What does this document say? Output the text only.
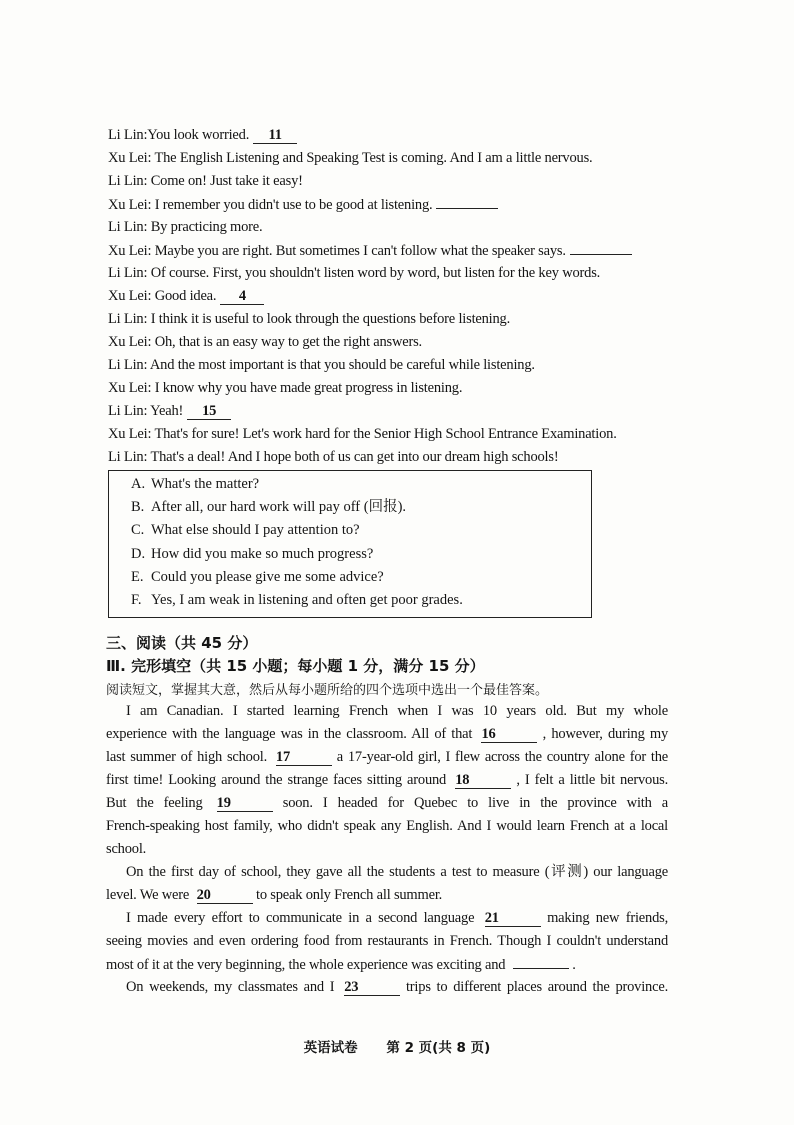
Li Lin:You look worried. 11
Xu Lei: The English Listening and Speaking Test is coming. And I am a little nervous.
Li Lin: Come on! Just take it easy!
Xu Lei: I remember you didn't use to be good at listening.
Li Lin: By practicing more.
Xu Lei: Maybe you are right. But sometimes I can't follow what the speaker says.
Li Lin: Of course. First, you shouldn't listen word by word, but listen for the key words.
Xu Lei: Good idea. 4
Li Lin: I think it is useful to look through the questions before listening.
Xu Lei: Oh, that is an easy way to get the right answers.
Li Lin: And the most important is that you should be careful while listening.
Xu Lei: I know why you have made great progress in listening.
Li Lin: Yeah! 15
Xu Lei: That's for sure! Let's work hard for the Senior High School Entrance Examination.
Li Lin: That's a deal! And I hope both of us can get into our dream high schools!
A. What's the matter?
B. After all, our hard work will pay off (回报).
C. What else should I pay attention to?
D. How did you make so much progress?
E. Could you please give me some advice?
F. Yes, I am weak in listening and often get poor grades.
三、阅读（共 45 分）
Ⅲ. 完形填空（共 15 小题；每小题 1 分，满分 15 分）
阅读短文，掌握其大意，然后从每小题所给的四个选项中选出一个最佳答案。
I am Canadian. I started learning French when I was 10 years old. But my whole
experience with the language was in the classroom. All of that 16	, however, during my
last summer of high school. 17	a 17-year-old girl, I flew across the country alone for the
first time! Looking around the strange faces sitting around 18	, I felt a little bit nervous.
But the feeling 19	soon. I headed for Quebec to live in the province with a
French-speaking host family, who didn't speak any English. And I would learn French at a local
school.
On the first day of school, they gave all the students a test to measure (评测) our language
level. We were 20	to speak only French all summer.
I made every effort to communicate in a second language 21	making new friends,
seeing movies and even ordering food from restaurants in French. Though I couldn't understand
most of it at the very beginning, the whole experience was exciting and	.
On weekends, my classmates and I 23	trips to different places around the province.
英语试卷 第 2 页(共 8 页)
